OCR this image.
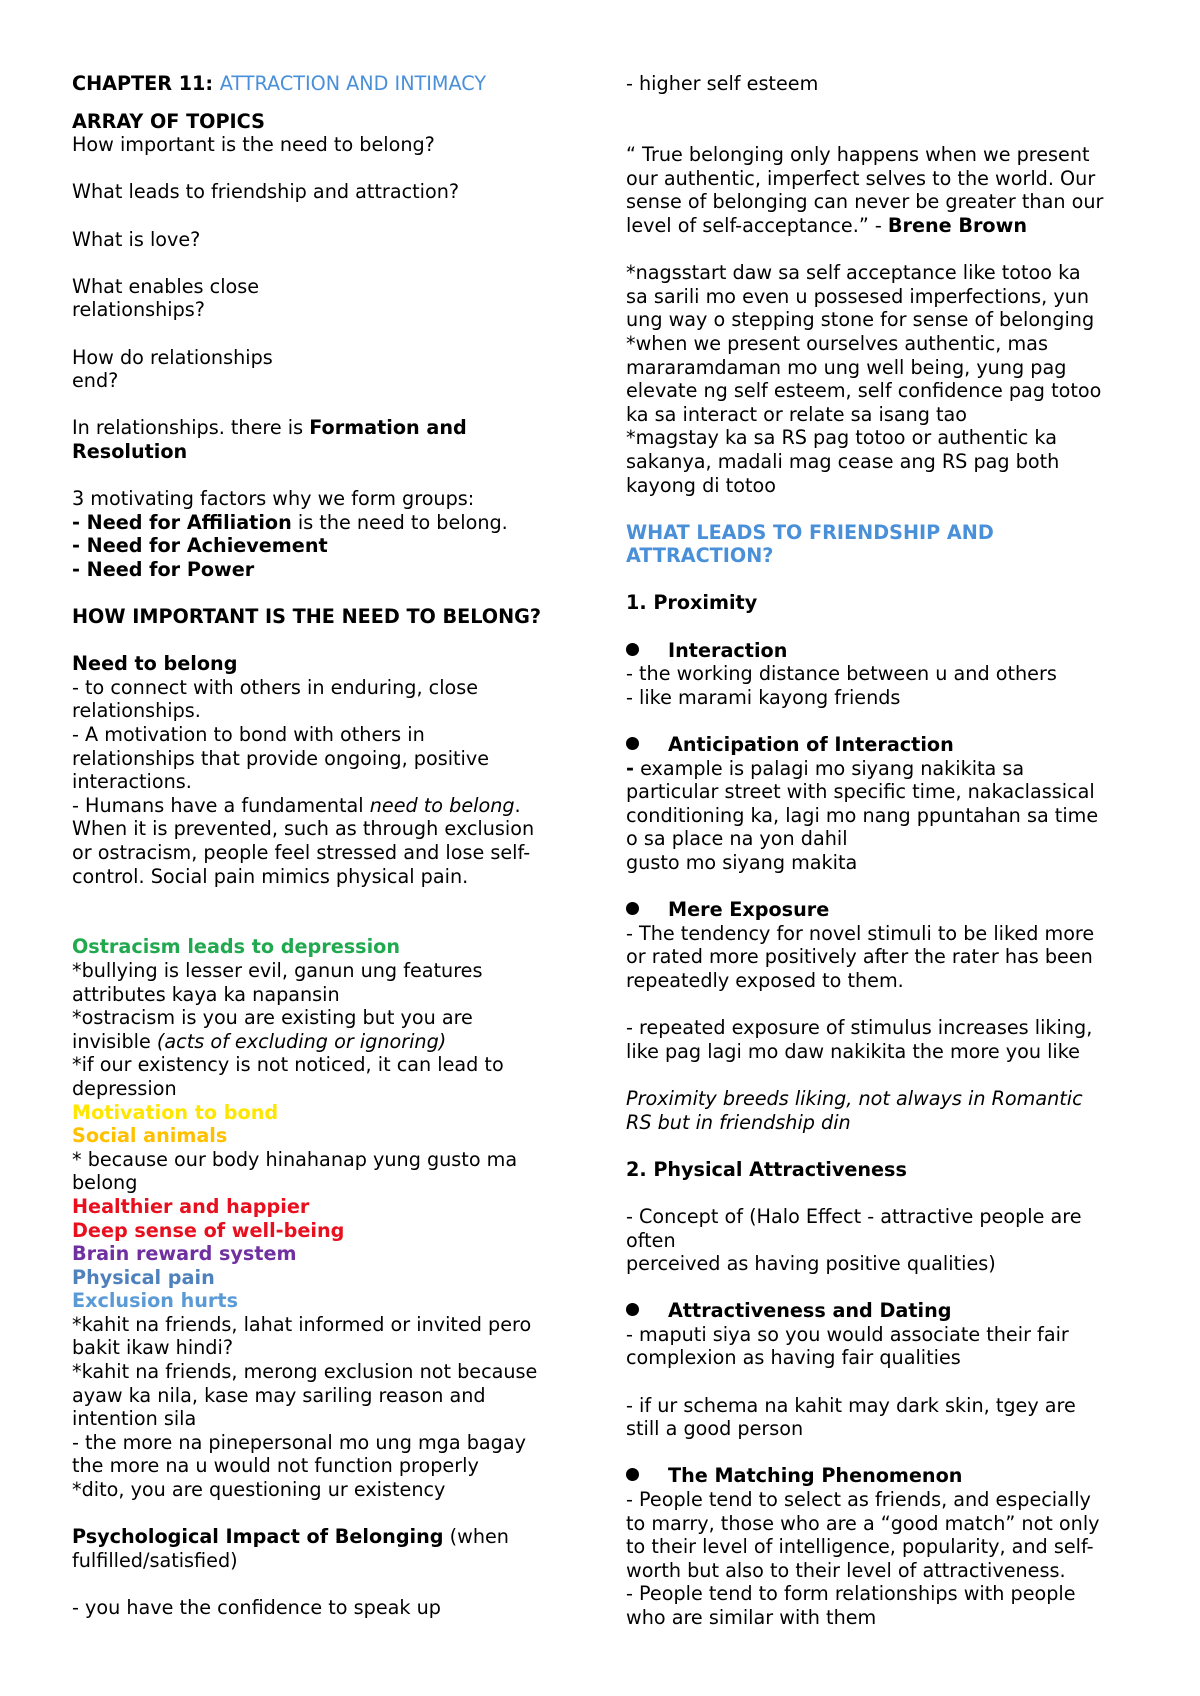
CHAPTER 11: ATTRACTION AND INTIMACY

ARRAY OF TOPICS

How important is the need to belong?

What leads to friendship and attraction?

What is love?

What enables close

relationships?

How do relationships

end?

In relationships. there is Formation and

Resolution

3 motivating factors why we form groups:

- Need for Affiliation is the need to belong.

- Need for Achievement

- Need for Power

HOW IMPORTANT IS THE NEED TO BELONG?

Need to belong

- to connect with others in enduring, close

relationships.

- A motivation to bond with others in

relationships that provide ongoing, positive

interactions.

- Humans have a fundamental need to belong.

When it is prevented, such as through exclusion

or ostracism, people feel stressed and lose self-

control. Social pain mimics physical pain.

Ostracism leads to depression

*bullying is lesser evil, ganun ung features

attributes kaya ka napansin

*ostracism is you are existing but you are

invisible (acts of excluding or ignoring)

*if our existency is not noticed, it can lead to

depression

Motivation to bond

Social animals

* because our body hinahanap yung gusto ma

belong

Healthier and happier

Deep sense of well-being

Brain reward system

Physical pain

Exclusion hurts

*kahit na friends, lahat informed or invited pero

bakit ikaw hindi?

*kahit na friends, merong exclusion not because

ayaw ka nila, kase may sariling reason and

intention sila

- the more na pinepersonal mo ung mga bagay

the more na u would not function properly

*dito, you are questioning ur existency

Psychological Impact of Belonging (when

fulfilled/satisfied)

- you have the confidence to speak up

- higher self esteem

“ True belonging only happens when we present

our authentic, imperfect selves to the world. Our

sense of belonging can never be greater than our

level of self-acceptance.” - Brene Brown

*nagsstart daw sa self acceptance like totoo ka

sa sarili mo even u possesed imperfections, yun

ung way o stepping stone for sense of belonging

*when we present ourselves authentic, mas

mararamdaman mo ung well being, yung pag

elevate ng self esteem, self confidence pag totoo

ka sa interact or relate sa isang tao

*magstay ka sa RS pag totoo or authentic ka

sakanya, madali mag cease ang RS pag both

kayong di totoo

WHAT LEADS TO FRIENDSHIP AND

ATTRACTION?

1. Proximity

Interaction

- the working distance between u and others

- like marami kayong friends

Anticipation of Interaction

- example is palagi mo siyang nakikita sa

particular street with specific time, nakaclassical

conditioning ka, lagi mo nang ppuntahan sa time

o sa place na yon dahil

gusto mo siyang makita

Mere Exposure

- The tendency for novel stimuli to be liked more

or rated more positively after the rater has been

repeatedly exposed to them.

- repeated exposure of stimulus increases liking,

like pag lagi mo daw nakikita the more you like

Proximity breeds liking, not always in Romantic

RS but in friendship din

2. Physical Attractiveness

- Concept of (Halo Effect - attractive people are

often

perceived as having positive qualities)

Attractiveness and Dating

- maputi siya so you would associate their fair

complexion as having fair qualities

- if ur schema na kahit may dark skin, tgey are

still a good person

The Matching Phenomenon

- People tend to select as friends, and especially

to marry, those who are a “good match” not only

to their level of intelligence, popularity, and self-

worth but also to their level of attractiveness.

- People tend to form relationships with people

who are similar with them
